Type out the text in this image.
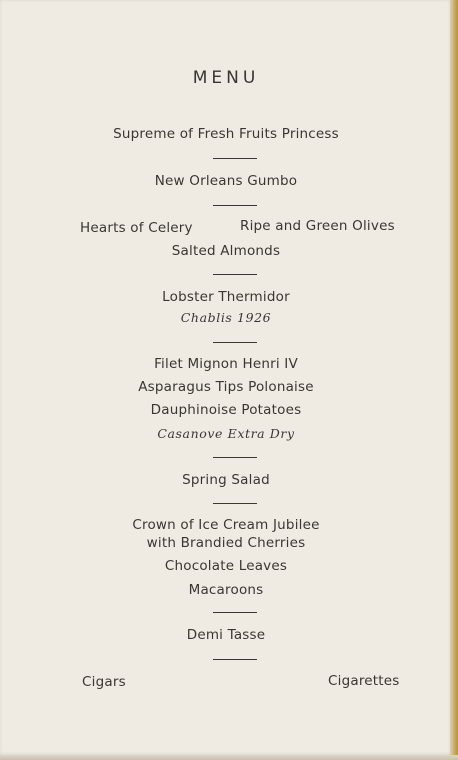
MENU
Supreme of Fresh Fruits Princess
New Orleans Gumbo
Hearts of Celery	Ripe and Green Olives
Salted Almonds
Lobster Thermidor
Chablis 1926
Filet Mignon Henri IV
Asparagus Tips Polonaise
Dauphinoise Potatoes
Casanove Extra Dry
Spring Salad
Crown of Ice Cream Jubilee
with Brandied Cherries
Chocolate Leaves
Macaroons
Demi Tasse
Cigars	Cigarettes
